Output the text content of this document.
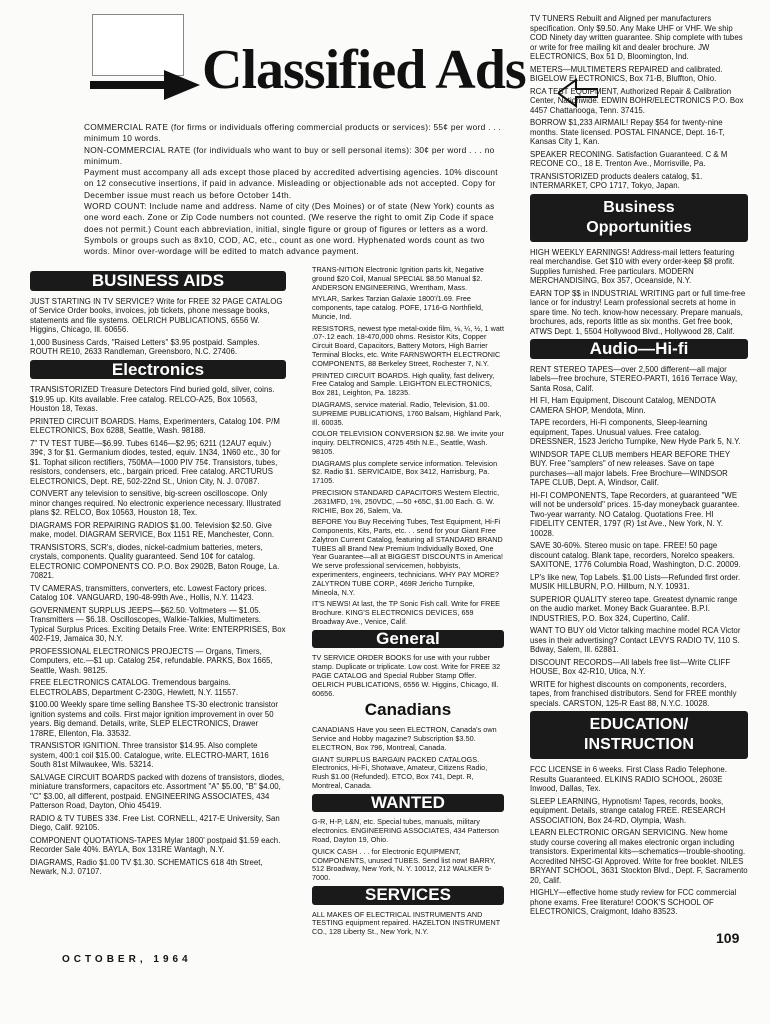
Classified Ads

COMMERCIAL RATE (for firms or individuals offering commercial products or services): 55¢ per word . . . minimum 10 words.

NON-COMMERCIAL RATE (for individuals who want to buy or sell personal items): 30¢ per word . . . no minimum.

Payment must accompany all ads except those placed by accredited advertising agencies. 10% discount on 12 consecutive insertions, if paid in advance. Misleading or objectionable ads not accepted. Copy for December issue must reach us before October 14th.

WORD COUNT: Include name and address. Name of city (Des Moines) or of state (New York) counts as one word each. Zone or Zip Code numbers not counted. (We reserve the right to omit Zip Code if space does not permit.) Count each abbreviation, initial, single figure or group of figures or letters as a word. Symbols or groups such as 8x10, COD, AC, etc., count as one word. Hyphenated words count as two words. Minor over-wordage will be edited to match advance payment.

BUSINESS AIDS

JUST STARTING IN TV SERVICE? Write for FREE 32 PAGE CATALOG of Service Order books, invoices, job tickets, phone message books, statements and file systems. OELRICH PUBLICATIONS, 6556 W. Higgins, Chicago, Ill. 60656.

1,000 Business Cards, "Raised Letters" $3.95 postpaid. Samples. ROUTH RE10, 2633 Randleman, Greensboro, N.C. 27406.

Electronics

TRANSISTORIZED Treasure Detectors Find buried gold, silver, coins. $19.95 up. Kits available. Free catalog. RELCO-A25, Box 10563, Houston 18, Texas.

PRINTED CIRCUIT BOARDS. Hams, Experimenters, Catalog 10¢. P/M ELECTRONICS, Box 6288, Seattle, Wash. 98188.

7" TV TEST TUBE—$6.99. Tubes 6146—$2.95; 6211 (12AU7 equiv.) 39¢, 3 for $1. Germanium diodes, tested, equiv. 1N34, 1N60 etc., 30 for $1. Tophat silicon rectifiers, 750MA—1000 PIV 75¢. Transistors, tubes, resistors, condensers, etc., bargain priced. Free catalog. ARCTURUS ELECTRONICS, Dept. RE, 502-22nd St., Union City, N. J. 07087.

CONVERT any television to sensitive, big-screen oscilloscope. Only minor changes required. No electronic experience necessary. Illustrated plans $2. RELCO, Box 10563, Houston 18, Tex.

DIAGRAMS FOR REPAIRING RADIOS $1.00. Television $2.50. Give make, model. DIAGRAM SERVICE, Box 1151 RE, Manchester, Conn.

TRANSISTORS, SCR's, diodes, nickel-cadmium batteries, meters, crystals, components. Quality guaranteed. Send 10¢ for catalog. ELECTRONIC COMPONENTS CO. P.O. Box 2902B, Baton Rouge, La. 70821.

TV CAMERAS, transmitters, converters, etc. Lowest Factory prices. Catalog 10¢. VANGUARD, 190-48-99th Ave., Hollis, N.Y. 11423.

GOVERNMENT SURPLUS JEEPS—$62.50. Voltmeters — $1.05. Transmitters — $6.18. Oscilloscopes, Walkie-Talkies, Multimeters. Typical Surplus Prices. Exciting Details Free. Write: ENTERPRISES, Box 402-F19, Jamaica 30, N.Y.

PROFESSIONAL ELECTRONICS PROJECTS — Organs, Timers, Computers, etc.—$1 up. Catalog 25¢, refundable. PARKS, Box 1665, Seattle, Wash. 98125.

FREE ELECTRONICS CATALOG. Tremendous bargains. ELECTROLABS, Department C-230G, Hewlett, N.Y. 11557.

$100.00 Weekly spare time selling Banshee TS-30 electronic transistor ignition systems and coils. First major ignition improvement in over 50 years. Big demand. Details, write, SLEP ELECTRONICS, Drawer 178RE, Ellenton, Fla. 33532.

TRANSISTOR IGNITION. Three transistor $14.95. Also complete system, 400:1 coil $15.00. Catalogue, write. ELECTRO-MART, 1616 South 81st Milwaukee, Wis. 53214.

SALVAGE CIRCUIT BOARDS packed with dozens of transistors, diodes, miniature transformers, capacitors etc. Assortment "A" $5.00, "B" $4.00, "C" $3.00, all different, postpaid. ENGINEERING ASSOCIATES, 434 Patterson Road, Dayton, Ohio 45419.

RADIO & TV TUBES 33¢. Free List. CORNELL, 4217-E University, San Diego, Calif. 92105.

COMPONENT QUOTATIONS-TAPES Mylar 1800' postpaid $1.59 each. Recorder Sale 40%. BAYLA, Box 131RE Wantagh, N.Y.

DIAGRAMS, Radio $1.00 TV $1.30. SCHEMATICS 618 4th Street, Newark, N.J. 07107.

TRANS-NITION Electronic Ignition parts kit, Negative ground $20 Coil, Manual SPECIAL $8.50 Manual $2. ANDERSON ENGINEERING, Wrentham, Mass.

MYLAR, Sarkes Tarzian Galaxie 1800'/1.69. Free components, tape catalog. POFE, 1716-G Northfield, Muncie, Ind.

RESISTORS, newest type metal-oxide film, ⅛, ¼, ½, 1 watt .07-.12 each. 18-470,000 ohms. Resistor Kits, Copper Circuit Board, Capacitors, Battery Motors, High Barrier Terminal Blocks, etc. Write FARNSWORTH ELECTRONIC COMPONENTS, 88 Berkeley Street, Rochester 7, N.Y.

PRINTED CIRCUIT BOARDS. High quality, fast delivery, Free Catalog and Sample. LEIGHTON ELECTRONICS, Box 281, Leighton, Pa. 18235.

DIAGRAMS, service material. Radio, Television, $1.00. SUPREME PUBLICATIONS, 1760 Balsam, Highland Park, Ill. 60035.

COLOR TELEVISION CONVERSION $2.98. We invite your inquiry. DELTRONICS, 4725 45th N.E., Seattle, Wash. 98105.

DIAGRAMS plus complete service information. Television $2. Radio $1. SERVICAIDE, Box 3412, Harrisburg, Pa. 17105.

PRECISION STANDARD CAPACITORS Western Electric, .2631MFD, 1%, 250VDC, —50 +65C, $1.00 Each. G. W. RICHIE, Box 26, Salem, Va.

BEFORE You Buy Receiving Tubes, Test Equipment, Hi-Fi Components, Kits, Parts, etc. . . send for your Giant Free Zalytron Current Catalog, featuring all STANDARD BRAND TUBES all Brand New Premium Individually Boxed, One Year Guarantee—all at BIGGEST DISCOUNTS in America! We serve professional servicemen, hobbyists, experimenters, engineers, technicians. WHY PAY MORE? ZALYTRON TUBE CORP., 469R Jericho Turnpike, Mineola, N.Y.

IT'S NEWS! At last, the TP Sonic Fish call. Write for FREE Brochure. KING'S ELECTRONICS DEVICES, 659 Broadway Ave., Venice, Calif.

General

TV SERVICE ORDER BOOKS for use with your rubber stamp. Duplicate or triplicate. Low cost. Write for FREE 32 PAGE CATALOG and Special Rubber Stamp Offer. OELRICH PUBLICATIONS, 6556 W. Higgins, Chicago, Ill. 60656.

Canadians

CANADIANS Have you seen ELECTRON, Canada's own Service and Hobby magazine? Subscription $3.50. ELECTRON, Box 796, Montreal, Canada.

GIANT SURPLUS BARGAIN PACKED CATALOGS. Electronics, Hi-Fi, Shotwave, Amateur, Citizens Radio, Rush $1.00 (Refunded). ETCO, Box 741, Dept. R, Montreal, Canada.

WANTED

G-R, H-P, L&N, etc. Special tubes, manuals, military electronics. ENGINEERING ASSOCIATES, 434 Patterson Road, Dayton 19, Ohio.

QUICK CASH . . . for Electronic EQUIPMENT, COMPONENTS, unused TUBES. Send list now! BARRY, 512 Broadway, New York, N. Y. 10012, 212 WALKER 5-7000.

SERVICES

ALL MAKES OF ELECTRICAL INSTRUMENTS AND TESTING equipment repaired. HAZELTON INSTRUMENT CO., 128 Liberty St., New York, N.Y.

TV TUNERS Rebuilt and Aligned per manufacturers specification. Only $9.50. Any Make UHF or VHF. We ship COD Ninety day written guarantee. Ship complete with tubes or write for free mailing kit and dealer brochure. JW ELECTRONICS, Box 51 D, Bloomington, Ind.

METERS—MULTIMETERS REPAIRED and calibrated. BIGELOW ELECTRONICS, Box 71-B, Bluffton, Ohio.

RCA TEST EQUIPMENT, Authorized Repair & Calibration Center, Nationwide. EDWIN BOHR/ELECTRONICS P.O. Box 4457 Chattanooga, Tenn. 37415.

BORROW $1,233 AIRMAIL! Repay $54 for twenty-nine months. State licensed. POSTAL FINANCE, Dept. 16-T, Kansas City 1, Kan.

SPEAKER RECONING. Satisfaction Guaranteed. C & M RECONE CO., 18 E. Trenton Ave., Morrisville, Pa.

TRANSISTORIZED products dealers catalog, $1. INTERMARKET, CPO 1717, Tokyo, Japan.

Business
Opportunities

HIGH WEEKLY EARNINGS! Address-mail letters featuring real merchandise. Get $10 with every order-keep $8 profit. Supplies furnished. Free particulars. MODERN MERCHANDISING, Box 357, Oceanside, N.Y.

EARN TOP $$ in INDUSTRIAL WRITING part or full time-free lance or for industry! Learn professional secrets at home in spare time. No tech. know-how necessary. Prepare manuals, brochures, ads, reports little as six months. Get free book, ATWS Dept. 1, 5504 Hollywood Blvd., Hollywood 28, Calif.

Audio—Hi-fi

RENT STEREO TAPES—over 2,500 different—all major labels—free brochure, STEREO-PARTI, 1616 Terrace Way, Santa Rosa, Calif.

HI FI, Ham Equipment, Discount Catalog, MENDOTA CAMERA SHOP, Mendota, Minn.

TAPE recorders, Hi-Fi components, Sleep-learning equipment, Tapes. Unusual values. Free catalog. DRESSNER, 1523 Jericho Turnpike, New Hyde Park 5, N.Y.

WINDSOR TAPE CLUB members HEAR BEFORE THEY BUY. Free "samplers" of new releases. Save on tape purchases—all major labels. Free Brochure—WINDSOR TAPE CLUB, Dept. A, Windsor, Calif.

HI-FI COMPONENTS, Tape Recorders, at guaranteed "WE will not be undersold" prices. 15-day moneyback guarantee. Two-year warranty. NO Catalog. Quotations Free. HI FIDELITY CENTER, 1797 (R) 1st Ave., New York, N. Y. 10028.

SAVE 30-60%. Stereo music on tape. FREE! 50 page discount catalog. Blank tape, recorders, Norelco speakers. SAXITONE, 1776 Columbia Road, Washington, D.C. 20009.

LP's like new, Top Labels. $1.00 Lists—Refunded first order. MUSIK HILLBURN, P.O. Hillburn, N.Y. 10931.

SUPERIOR QUALITY stereo tape. Greatest dynamic range on the audio market. Money Back Guarantee. B.P.I. INDUSTRIES, P.O. Box 324, Cupertino, Calif.

WANT TO BUY old Victor talking machine model RCA Victor uses in their advertising? Contact LEVYS RADIO TV, 110 S. Bdway, Salem, Ill. 62881.

DISCOUNT RECORDS—All labels free list—Write CLIFF HOUSE, Box 42-R10, Utica, N.Y.

WRITE for highest discounts on components, recorders, tapes, from franchised distributors. Send for FREE monthly specials. CARSTON, 125-R East 88, N.Y.C. 10028.

EDUCATION/
INSTRUCTION

FCC LICENSE in 6 weeks. First Class Radio Telephone. Results Guaranteed. ELKINS RADIO SCHOOL, 2603E Inwood, Dallas, Tex.

SLEEP LEARNING, Hypnotism! Tapes, records, books, equipment. Details, strange catalog FREE. RESEARCH ASSOCIATION, Box 24-RD, Olympia, Wash.

LEARN ELECTRONIC ORGAN SERVICING. New home study course covering all makes electronic organ including transistors. Experimental kits—schematics—trouble-shooting. Accredited NHSC-GI Approved. Write for free booklet. NILES BRYANT SCHOOL, 3631 Stockton Blvd., Dept. F, Sacramento 20, Calif.

HIGHLY—effective home study review for FCC commercial phone exams. Free literature! COOK'S SCHOOL OF ELECTRONICS, Craigmont, Idaho 83523.

OCTOBER, 1964
109
